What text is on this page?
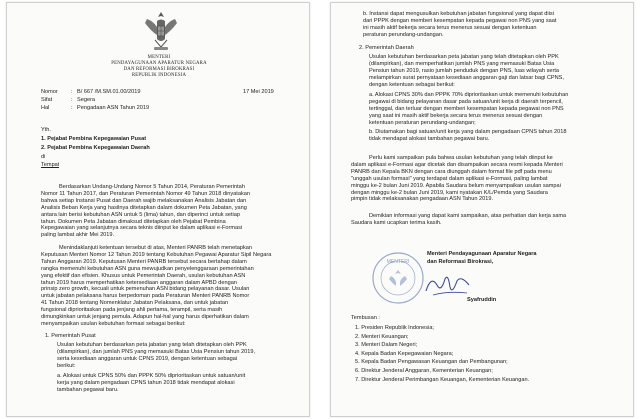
MENTERI
PENDAYAGUNAAN APARATUR NEGARA
DAN REFORMASI BIROKRASI
REPUBLIK INDONESIA
Nomor : B/ 667 /M.SM.01.00/2019	17 Mei 2019
Sifat	: Segera
Hal	: Pengadaan ASN Tahun 2019
Yth.
1. Pejabat Pembina Kepegawaian Pusat
2. Pejabat Pembina Kepegawaian Daerah
di
Tempat
Berdasarkan Undang-Undang Nomor 5 Tahun 2014, Peraturan Pemerintah
Nomor 11 Tahun 2017, dan Peraturan Pemerintah Nomor 49 Tahun 2018 dinyatakan
bahwa setiap Instansi Pusat dan Daerah wajib melaksanakan Analisis Jabatan dan
Analisis Beban Kerja yang hasilnya ditetapkan dalam dokumen Peta Jabatan, yang
antara lain berisi kebutuhan ASN untuk 5 (lima) tahun, dan diperinci untuk setiap
tahun. Dokumen Peta Jabatan dimaksud ditetapkan oleh Pejabat Pembina
Kepegawaian yang selanjutnya secara teknis diinput ke dalam aplikasi e-Formasi
paling lambat akhir Mei 2019.
Menindaklanjuti ketentuan tersebut di atas, Menteri PANRB telah menetapkan
Keputusan Menteri Nomor 12 Tahun 2019 tentang Kebutuhan Pegawai Aparatur Sipil Negara
Tahun Anggaran 2019. Keputusan Menteri PANRB tersebut secara bertahap dalam
rangka memenuhi kebutuhan ASN guna mewujudkan penyelenggaraan pemerintahan
yang efektif dan efisien. Khusus untuk Pemerintah Daerah, usulan kebutuhan ASN
tahun 2019 harus memperhatikan ketersediaan anggaran dalam APBD dengan
prinsip zero growth, kecuali untuk pemenuhan ASN bidang pelayanan dasar. Usulan
untuk jabatan pelaksana harus berpedoman pada Peraturan Menteri PANRB Nomor
41 Tahun 2018 tentang Nomenklatur Jabatan Pelaksana, dan untuk jabatan
fungsional diprioritaskan pada jenjang ahli pertama, terampil, serta masih
dimungkinkan untuk jenjang pemula. Adapun hal-hal yang harus diperhatikan dalam
menyampaikan usulan kebutuhan formasi sebagai berikut:
1. Pemerintah Pusat
Usulan kebutuhan berdasarkan peta jabatan yang telah ditetapkan oleh PPK
(dilampirkan), dan jumlah PNS yang memasuki Batas Usia Pensiun tahun 2019,
serta kesediaan anggaran untuk CPNS 2019, dengan ketentuan sebagai
berikut:
a. Alokasi untuk CPNS 50% dan PPPK 50% diprioritaskan untuk satuan/unit
kerja yang dalam pengadaan CPNS tahun 2018 tidak mendapat alokasi
tambahan pegawai baru.
b. Instansi dapat mengusulkan kebutuhan jabatan fungsional yang dapat diisi
dari PPPK dengan memberi kesempatan kepada pegawai non PNS yang saat
ini masih aktif bekerja secara terus menerus sesuai dengan ketentuan
peraturan perundang-undangan.
2. Pemerintah Daerah
Usulan kebutuhan berdasarkan peta jabatan yang telah ditetapkan oleh PPK
(dilampirkan), dan memperhatikan jumlah PNS yang memasuki Batas Usia
Pensiun tahun 2019, rasio jumlah penduduk dengan PNS, luas wilayah serta
melampirkan surat pernyataan kesediaan anggaran gaji dan latsar bagi CPNS,
dengan ketentuan sebagai berikut:
a. Alokasi CPNS 30% dan PPPK 70% diprioritaskan untuk memenuhi kebutuhan
pegawai di bidang pelayanan dasar pada satuan/unit kerja di daerah terpencil,
tertinggal, dan terluar dengan memberi kesempatan kepada pegawai non PNS
yang saat ini masih aktif bekerja secara terus menerus sesuai dengan
ketentuan peraturan perundang-undangan;
b. Diutamakan bagi satuan/unit kerja yang dalam pengadaan CPNS tahun 2018
tidak mendapat alokasi tambahan pegawai baru.
Perlu kami sampaikan pula bahwa usulan kebutuhan yang telah diinput ke
dalam aplikasi e-Formasi agar dicetak dan disampaikan secara resmi kepada Menteri
PANRB dan Kepala BKN dengan cara diunggah dalam format file pdf pada menu
"unggah usulan formasi" yang terdapat dalam aplikasi e-Formasi, paling lambat
minggu ke-2 bulan Juni 2019. Apabila Saudara belum menyampaikan usulan sampai
dengan minggu ke-2 bulan Juni 2019, kami nyatakan K/L/Pemda yang Saudara
pimpin tidak melaksanakan pengadaan ASN Tahun 2019.
Demikian informasi yang dapat kami sampaikan, atas perhatian dan kerja sama
Saudara kami ucapkan terima kasih.
Menteri Pendayagunaan Aparatur Negara
dan Reformasi Birokrasi,
MENTERI
Syafruddin
Tembusan :
1. Presiden Republik Indonesia;
2. Menteri Keuangan;
3. Menteri Dalam Negeri;
4. Kepala Badan Kepegawaian Negara;
5. Kepala Badan Pengawasan Keuangan dan Pembangunan;
6. Direktur Jenderal Anggaran, Kementerian Keuangan;
7. Direktur Jenderal Perimbangan Keuangan, Kementerian Keuangan.
